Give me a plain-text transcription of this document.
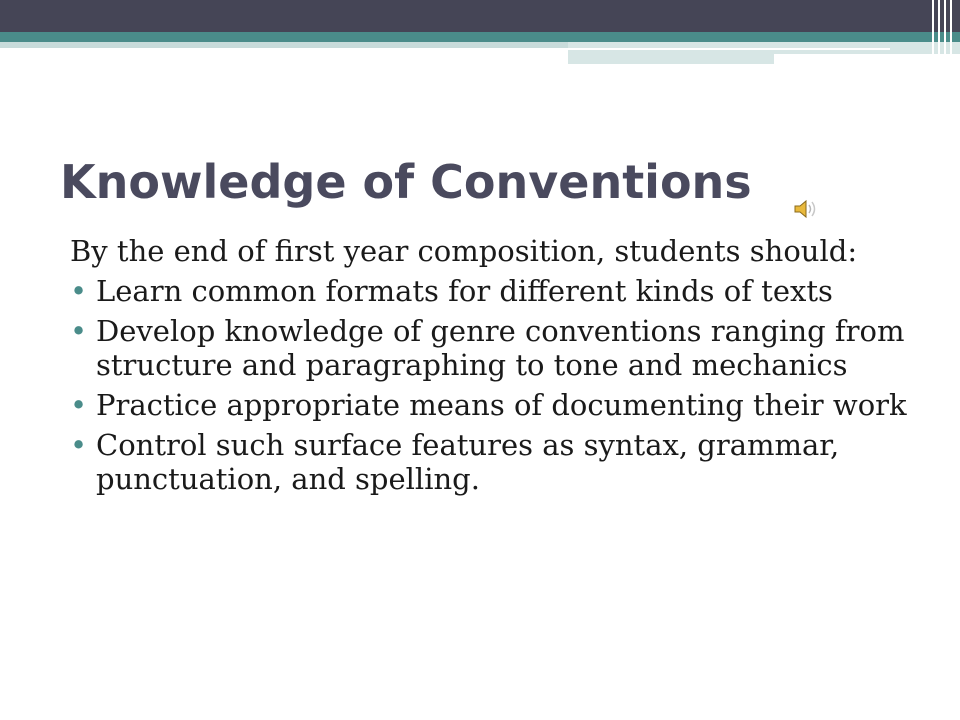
Knowledge of Conventions

By the end of first year composition, students should:

• Learn common formats for different kinds of texts
• Develop knowledge of genre conventions ranging from structure and paragraphing to tone and mechanics
• Practice appropriate means of documenting their work
• Control such surface features as syntax, grammar, punctuation, and spelling.
